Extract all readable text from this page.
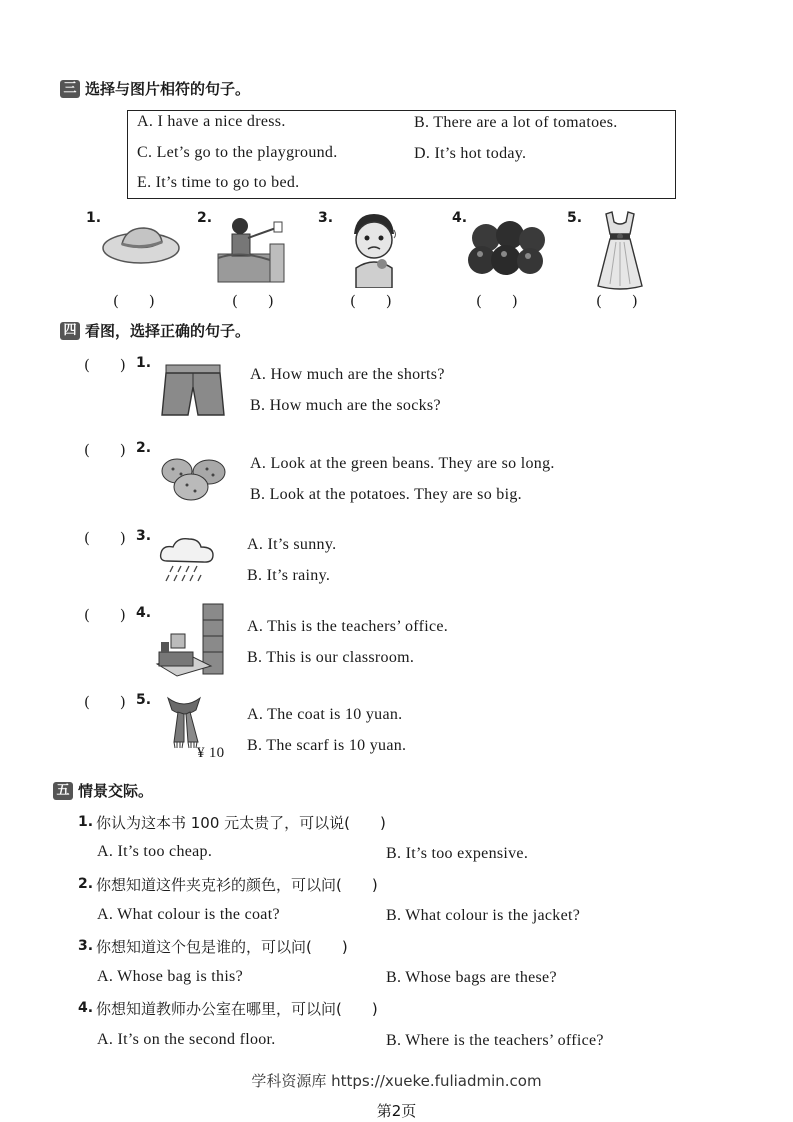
三 选择与图片相符的句子。
A. I have a nice dress.	B. There are a lot of tomatoes.
C. Let’s go to the playground.	D. It’s hot today.
E. It’s time to go to bed.
1.
(　　)
2.
(　　)
3.
(　　)
4.
(　　)
5.
(　　)
四 看图，选择正确的句子。
(　　) 1.
A. How much are the shorts?
B. How much are the socks?
(　　) 2.
A. Look at the green beans. They are so long.
B. Look at the potatoes. They are so big.
(　　) 3.	A. It’s sunny.
B. It’s rainy.
(　　) 4.
A. This is the teachers’ office.
B. This is our classroom.
(　　) 5.
¥ 10
A. The coat is 10 yuan.
B. The scarf is 10 yuan.
五 情景交际。
1. 你认为这本书 100 元太贵了，可以说(　　)
A. It’s too cheap.	B. It’s too expensive.
2. 你想知道这件夹克衫的颜色，可以问(　　)
A. What colour is the coat?	B. What colour is the jacket?
3. 你想知道这个包是谁的，可以问(　　)
A. Whose bag is this?	B. Whose bags are these?
4. 你想知道教师办公室在哪里，可以问(　　)
A. It’s on the second floor.	B. Where is the teachers’ office?
学科资源库 https://xueke.fuliadmin.com
第2页
